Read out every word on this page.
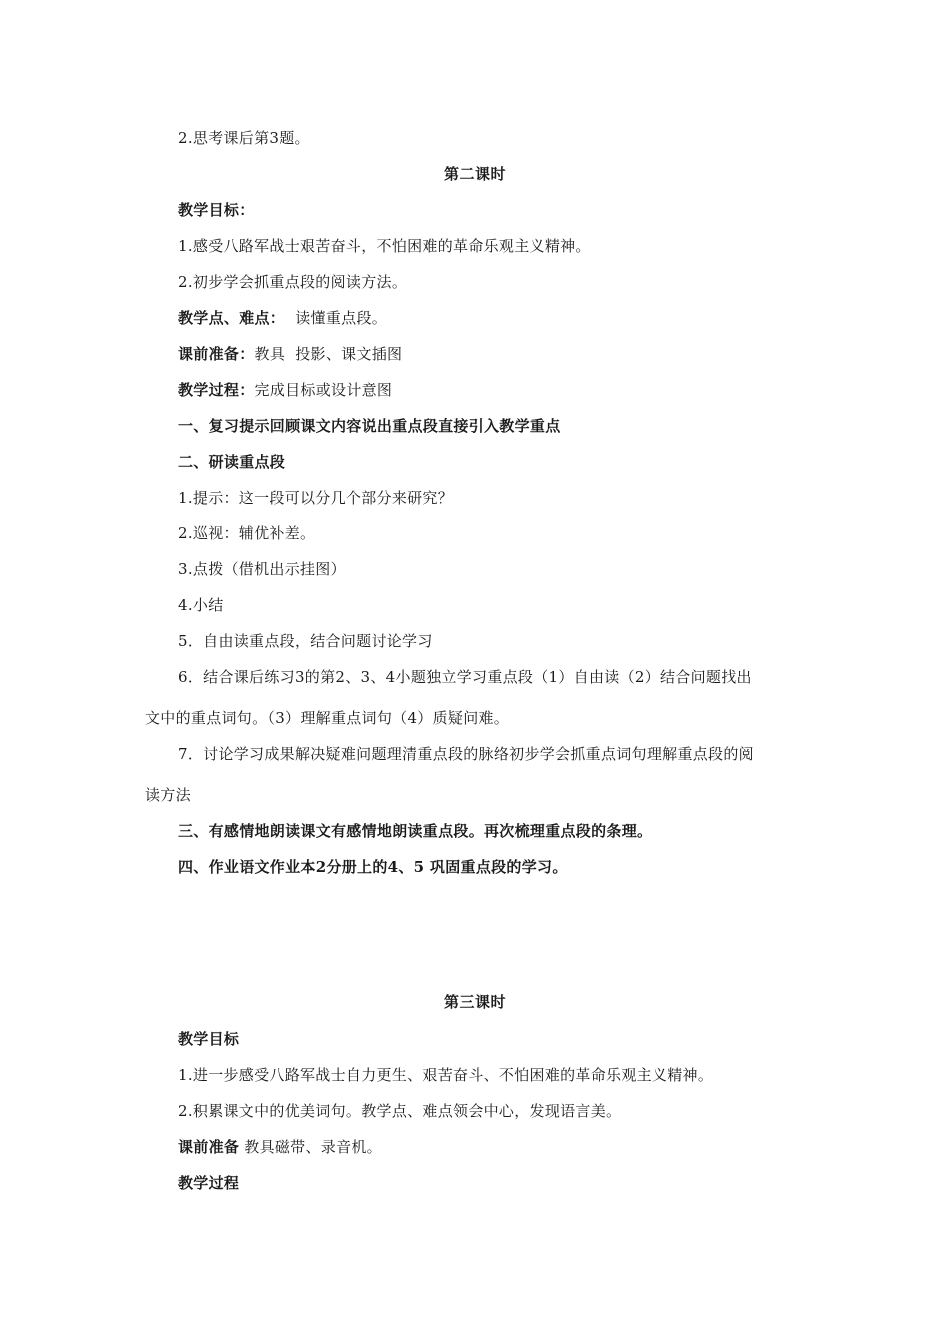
2.思考课后第3题。
第二课时
教学目标：
1.感受八路军战士艰苦奋斗，不怕困难的革命乐观主义精神。
2.初步学会抓重点段的阅读方法。
教学点、难点：  读懂重点段。
课前准备：教具  投影、课文插图
教学过程：完成目标或设计意图
一、复习提示回顾课文内容说出重点段直接引入教学重点
二、研读重点段
1.提示：这一段可以分几个部分来研究？
2.巡视：辅优补差。
3.点拨（借机出示挂图）
4.小结
5．自由读重点段，结合问题讨论学习
6．结合课后练习3的第2、3、4小题独立学习重点段（1）自由读（2）结合问题找出
文中的重点词句。（3）理解重点词句（4）质疑问难。
7．讨论学习成果解决疑难问题理清重点段的脉络初步学会抓重点词句理解重点段的阅
读方法
三、有感情地朗读课文有感情地朗读重点段。再次梳理重点段的条理。
四、作业语文作业本2分册上的4、5 巩固重点段的学习。
第三课时
教学目标
1.进一步感受八路军战士自力更生、艰苦奋斗、不怕困难的革命乐观主义精神。
2.积累课文中的优美词句。教学点、难点领会中心，发现语言美。
课前准备 教具磁带、录音机。
教学过程
